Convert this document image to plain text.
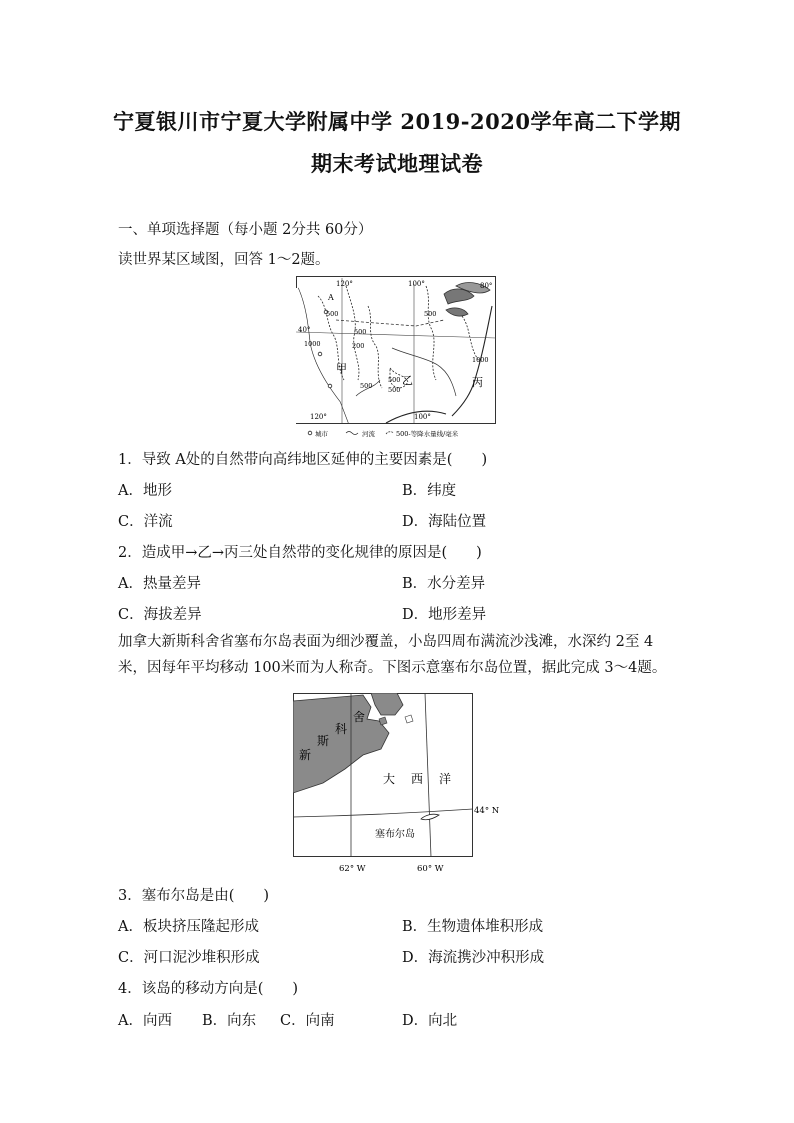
宁夏银川市宁夏大学附属中学 2019-2020学年高二下学期
期末考试地理试卷
一、单项选择题（每小题 2分共 60分）
读世界某区域图，回答 1～2题。
120°	100°	80°
120°	100°
40°
A
500
500
200
1000
500
500
500
1000
500
甲
乙	丙
城市	河流	500-等降水量线/毫米
1．导致 A处的自然带向高纬地区延伸的主要因素是(　　)
A．地形	B．纬度
C．洋流	D．海陆位置
2．造成甲→乙→丙三处自然带的变化规律的原因是(　　)
A．热量差异	B．水分差异
C．海拔差异	D．地形差异
加拿大新斯科舍省塞布尔岛表面为细沙覆盖，小岛四周布满流沙浅滩，水深约 2至 4米，因每年平均移动 100米而为人称奇。下图示意塞布尔岛位置，据此完成 3～4题。
新
斯
科
舍
大 西 洋
44° N
塞布尔岛
62° W	60° W
3．塞布尔岛是由(　　)
A．板块挤压隆起形成	B．生物遗体堆积形成
C．河口泥沙堆积形成	D．海流携沙冲积形成
4．该岛的移动方向是(　　)
A．向西 B．向东 C．向南	D．向北
